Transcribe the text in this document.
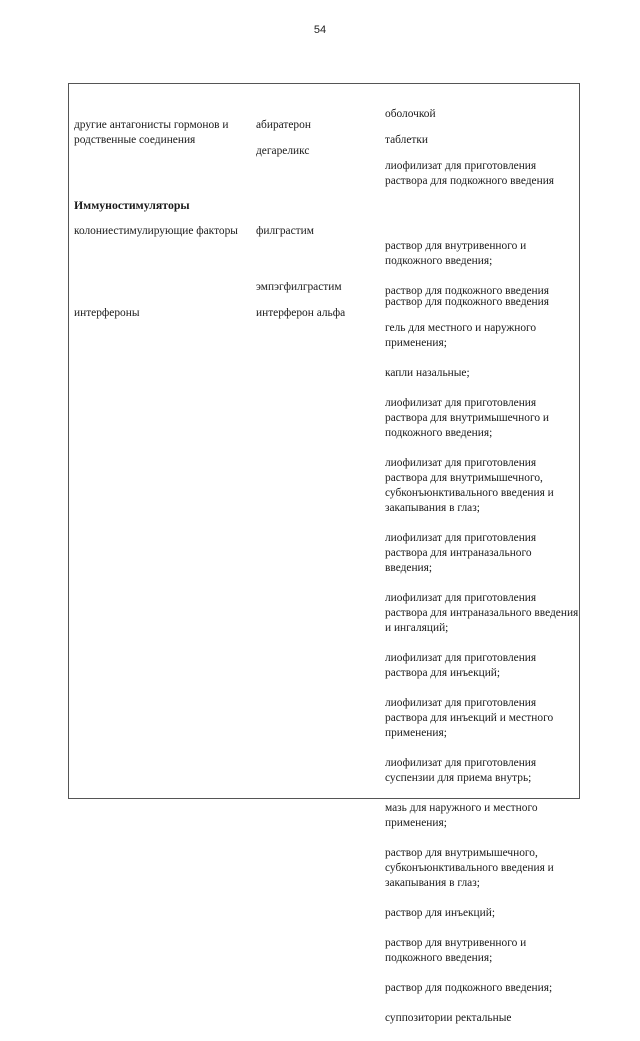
54

оболочкой

другие антагонисты гормонов и родственные соединения
абиратерон

таблетки

дегареликс

лиофилизат для приготовления раствора для подкожного введения

Иммуностимуляторы
колониестимулирующие факторы	филграстим

раствор для внутривенного и подкожного введения;

раствор для подкожного введения

эмпэгфилграстим

раствор для подкожного введения

интерфероны	интерферон альфа

гель для местного и наружного применения;

капли назальные;

лиофилизат для приготовления раствора для внутримышечного и подкожного введения;

лиофилизат для приготовления раствора для внутримышечного, субконъюнктивального введения и закапывания в глаз;

лиофилизат для приготовления раствора для интраназального введения;

лиофилизат для приготовления раствора для интраназального введения и ингаляций;

лиофилизат для приготовления раствора для инъекций;

лиофилизат для приготовления раствора для инъекций и местного применения;

лиофилизат для приготовления суспензии для приема внутрь;

мазь для наружного и местного применения;

раствор для внутримышечного, субконъюнктивального введения и закапывания в глаз;

раствор для инъекций;

раствор для внутривенного и подкожного введения;

раствор для подкожного введения;

суппозитории ректальные
